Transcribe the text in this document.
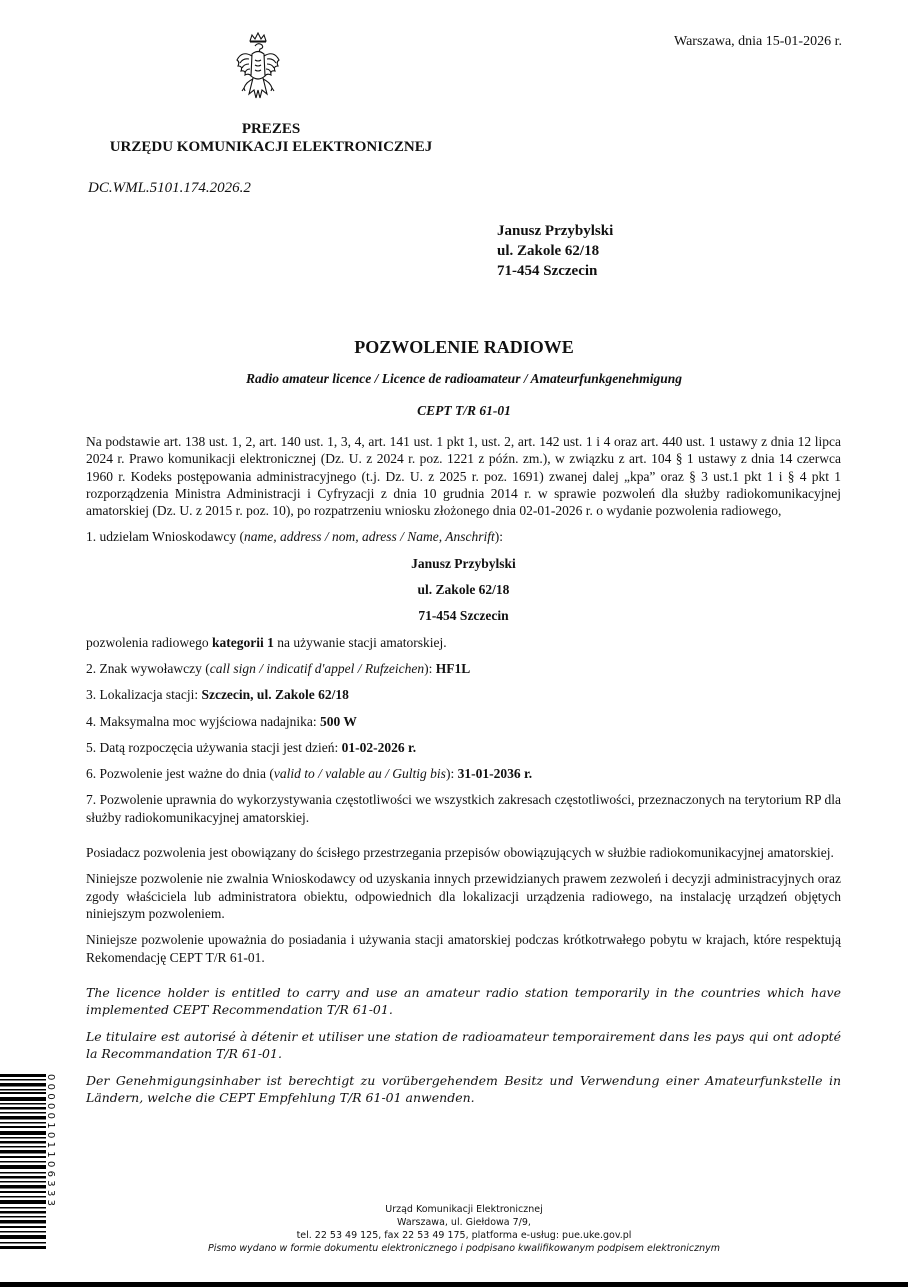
Warszawa, dnia 15-01-2026 r.
PREZES
URZĘDU KOMUNIKACJI ELEKTRONICZNEJ
DC.WML.5101.174.2026.2
Janusz Przybylski
ul. Zakole 62/18
71-454 Szczecin
POZWOLENIE RADIOWE
Radio amateur licence / Licence de radioamateur / Amateurfunkgenehmigung
CEPT T/R 61-01

Na podstawie art. 138 ust. 1, 2, art. 140 ust. 1, 3, 4, art. 141 ust. 1 pkt 1, ust. 2, art. 142 ust. 1 i 4 oraz art. 440 ust. 1 ustawy z dnia 12 lipca 2024 r. Prawo komunikacji elektronicznej (Dz. U. z 2024 r. poz. 1221 z późn. zm.), w związku z art. 104 § 1 ustawy z dnia 14 czerwca 1960 r. Kodeks postępowania administracyjnego (t.j. Dz. U. z 2025 r. poz. 1691) zwanej dalej „kpa” oraz § 3 ust.1 pkt 1 i § 4 pkt 1 rozporządzenia Ministra Administracji i Cyfryzacji z dnia 10 grudnia 2014 r. w sprawie pozwoleń dla służby radiokomunikacyjnej amatorskiej (Dz. U. z 2015 r. poz. 10), po rozpatrzeniu wniosku złożonego dnia 02-01-2026 r. o wydanie pozwolenia radiowego,

1. udzielam Wnioskodawcy (name, address / nom, adress / Name, Anschrift):

Janusz Przybylski

ul. Zakole 62/18

71-454 Szczecin

pozwolenia radiowego kategorii 1 na używanie stacji amatorskiej.

2. Znak wywoławczy (call sign / indicatif d'appel / Rufzeichen): HF1L

3. Lokalizacja stacji: Szczecin, ul. Zakole 62/18

4. Maksymalna moc wyjściowa nadajnika: 500 W

5. Datą rozpoczęcia używania stacji jest dzień: 01-02-2026 r.

6. Pozwolenie jest ważne do dnia (valid to / valable au / Gultig bis): 31-01-2036 r.

7. Pozwolenie uprawnia do wykorzystywania częstotliwości we wszystkich zakresach częstotliwości, przeznaczonych na terytorium RP dla służby radiokomunikacyjnej amatorskiej.

Posiadacz pozwolenia jest obowiązany do ścisłego przestrzegania przepisów obowiązujących w służbie radiokomunikacyjnej amatorskiej.

Niniejsze pozwolenie nie zwalnia Wnioskodawcy od uzyskania innych przewidzianych prawem zezwoleń i decyzji administracyjnych oraz zgody właściciela lub administratora obiektu, odpowiednich dla lokalizacji urządzenia radiowego, na instalację urządzeń objętych niniejszym pozwoleniem.

Niniejsze pozwolenie upoważnia do posiadania i używania stacji amatorskiej podczas krótkotrwałego pobytu w krajach, które respektują Rekomendację CEPT T/R 61-01.

The licence holder is entitled to carry and use an amateur radio station temporarily in the countries which have implemented CEPT Recommendation T/R 61-01.

Le titulaire est autorisé à détenir et utiliser une station de radioamateur temporairement dans les pays qui ont adopté la Recommandation T/R 61-01.

Der Genehmigungsinhaber ist berechtigt zu vorübergehendem Besitz und Verwendung einer Amateurfunkstelle in Ländern, welche die CEPT Empfehlung T/R 61-01 anwenden.

00000101106333
Urząd Komunikacji Elektronicznej
Warszawa, ul. Giełdowa 7/9,
tel. 22 53 49 125, fax 22 53 49 175, platforma e-usług: pue.uke.gov.pl
Pismo wydano w formie dokumentu elektronicznego i podpisano kwalifikowanym podpisem elektronicznym
